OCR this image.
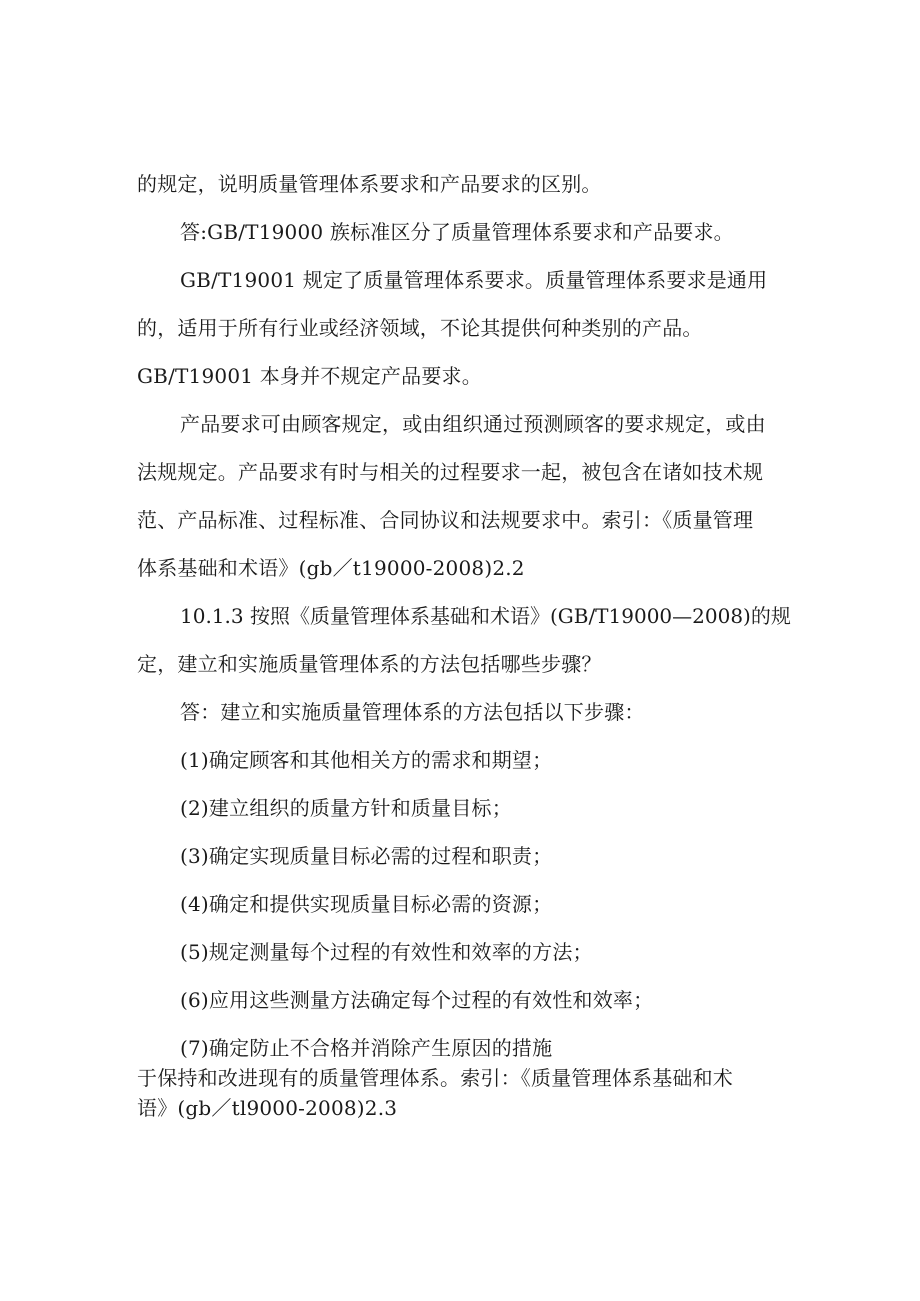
的规定，说明质量管理体系要求和产品要求的区别。
答:GB/T19000 族标准区分了质量管理体系要求和产品要求。
GB/T19001 规定了质量管理体系要求。质量管理体系要求是通用
的，适用于所有行业或经济领域，不论其提供何种类别的产品。
GB/T19001 本身并不规定产品要求。
产品要求可由顾客规定，或由组织通过预测顾客的要求规定，或由
法规规定。产品要求有时与相关的过程要求一起，被包含在诸如技术规
范、产品标准、过程标准、合同协议和法规要求中。索引：《质量管理
体系基础和术语》(gb／t19000-2008)2.2
10.1.3 按照《质量管理体系基础和术语》(GB/T19000—2008)的规
定，建立和实施质量管理体系的方法包括哪些步骤？
答：建立和实施质量管理体系的方法包括以下步骤：
(1)确定顾客和其他相关方的需求和期望；
(2)建立组织的质量方针和质量目标；
(3)确定实现质量目标必需的过程和职责；
(4)确定和提供实现质量目标必需的资源；
(5)规定测量每个过程的有效性和效率的方法；
(6)应用这些测量方法确定每个过程的有效性和效率；
(7)确定防止不合格并消除产生原因的措施
于保持和改进现有的质量管理体系。索引：《质量管理体系基础和术
语》(gb／tl9000-2008)2.3
